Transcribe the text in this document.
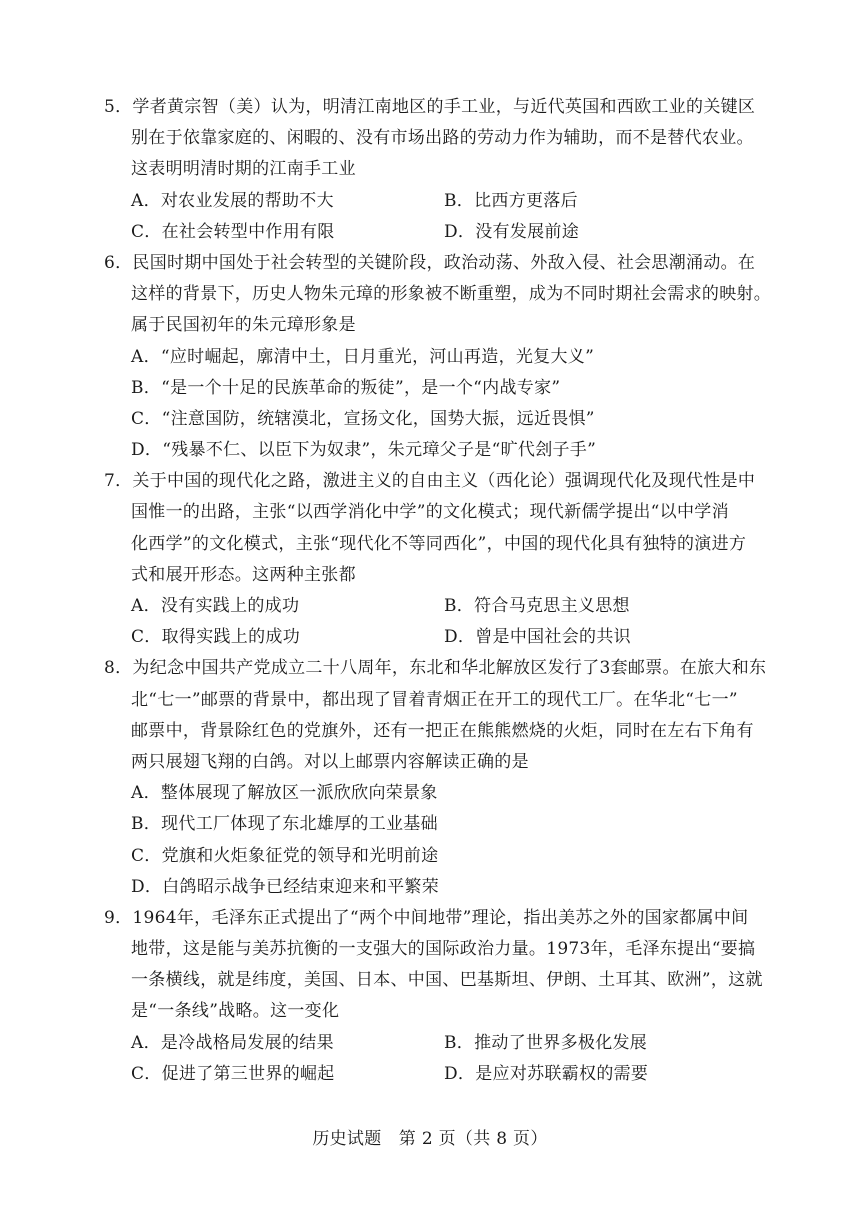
5．学者黄宗智（美）认为，明清江南地区的手工业，与近代英国和西欧工业的关键区
别在于依靠家庭的、闲暇的、没有市场出路的劳动力作为辅助，而不是替代农业。
这表明明清时期的江南手工业
A．对农业发展的帮助不大	B．比西方更落后
C．在社会转型中作用有限	D．没有发展前途
6．民国时期中国处于社会转型的关键阶段，政治动荡、外敌入侵、社会思潮涌动。在
这样的背景下，历史人物朱元璋的形象被不断重塑，成为不同时期社会需求的映射。
属于民国初年的朱元璋形象是
A．“应时崛起，廓清中土，日月重光，河山再造，光复大义”
B．“是一个十足的民族革命的叛徒”，是一个“内战专家”
C．“注意国防，统辖漠北，宣扬文化，国势大振，远近畏惧”
D．“残暴不仁、以臣下为奴隶”，朱元璋父子是“旷代刽子手”
7．关于中国的现代化之路，激进主义的自由主义（西化论）强调现代化及现代性是中
国惟一的出路，主张“以西学消化中学”的文化模式；现代新儒学提出“以中学消
化西学”的文化模式，主张“现代化不等同西化”，中国的现代化具有独特的演进方
式和展开形态。这两种主张都
A．没有实践上的成功	B．符合马克思主义思想
C．取得实践上的成功	D．曾是中国社会的共识
8．为纪念中国共产党成立二十八周年，东北和华北解放区发行了3套邮票。在旅大和东
北“七一”邮票的背景中，都出现了冒着青烟正在开工的现代工厂。在华北“七一”
邮票中，背景除红色的党旗外，还有一把正在熊熊燃烧的火炬，同时在左右下角有
两只展翅飞翔的白鸽。对以上邮票内容解读正确的是
A．整体展现了解放区一派欣欣向荣景象
B．现代工厂体现了东北雄厚的工业基础
C．党旗和火炬象征党的领导和光明前途
D．白鸽昭示战争已经结束迎来和平繁荣
9．1964年，毛泽东正式提出了“两个中间地带”理论，指出美苏之外的国家都属中间
地带，这是能与美苏抗衡的一支强大的国际政治力量。1973年，毛泽东提出“要搞
一条横线，就是纬度，美国、日本、中国、巴基斯坦、伊朗、土耳其、欧洲”，这就
是“一条线”战略。这一变化
A．是冷战格局发展的结果	B．推动了世界多极化发展
C．促进了第三世界的崛起	D．是应对苏联霸权的需要
历史试题　第 2 页（共 8 页）
